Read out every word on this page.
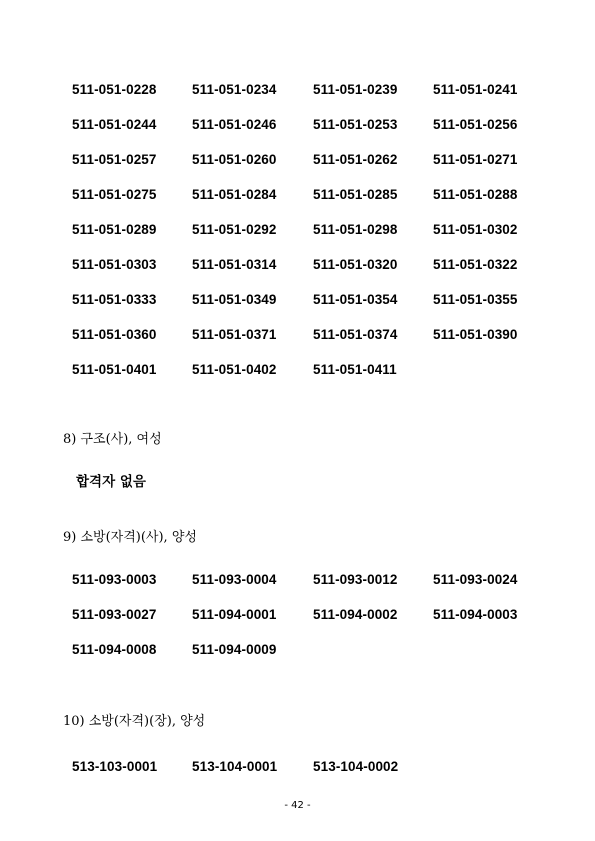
511-051-0228	511-051-0234	511-051-0239	511-051-0241
511-051-0244	511-051-0246	511-051-0253	511-051-0256
511-051-0257	511-051-0260	511-051-0262	511-051-0271
511-051-0275	511-051-0284	511-051-0285	511-051-0288
511-051-0289	511-051-0292	511-051-0298	511-051-0302
511-051-0303	511-051-0314	511-051-0320	511-051-0322
511-051-0333	511-051-0349	511-051-0354	511-051-0355
511-051-0360	511-051-0371	511-051-0374	511-051-0390
511-051-0401	511-051-0402	511-051-0411
8) 구조(사), 여성
합격자 없음
9) 소방(자격)(사), 양성
511-093-0003	511-093-0004	511-093-0012	511-093-0024
511-093-0027	511-094-0001	511-094-0002	511-094-0003
511-094-0008	511-094-0009
10) 소방(자격)(장), 양성
513-103-0001	513-104-0001	513-104-0002
- 42 -
